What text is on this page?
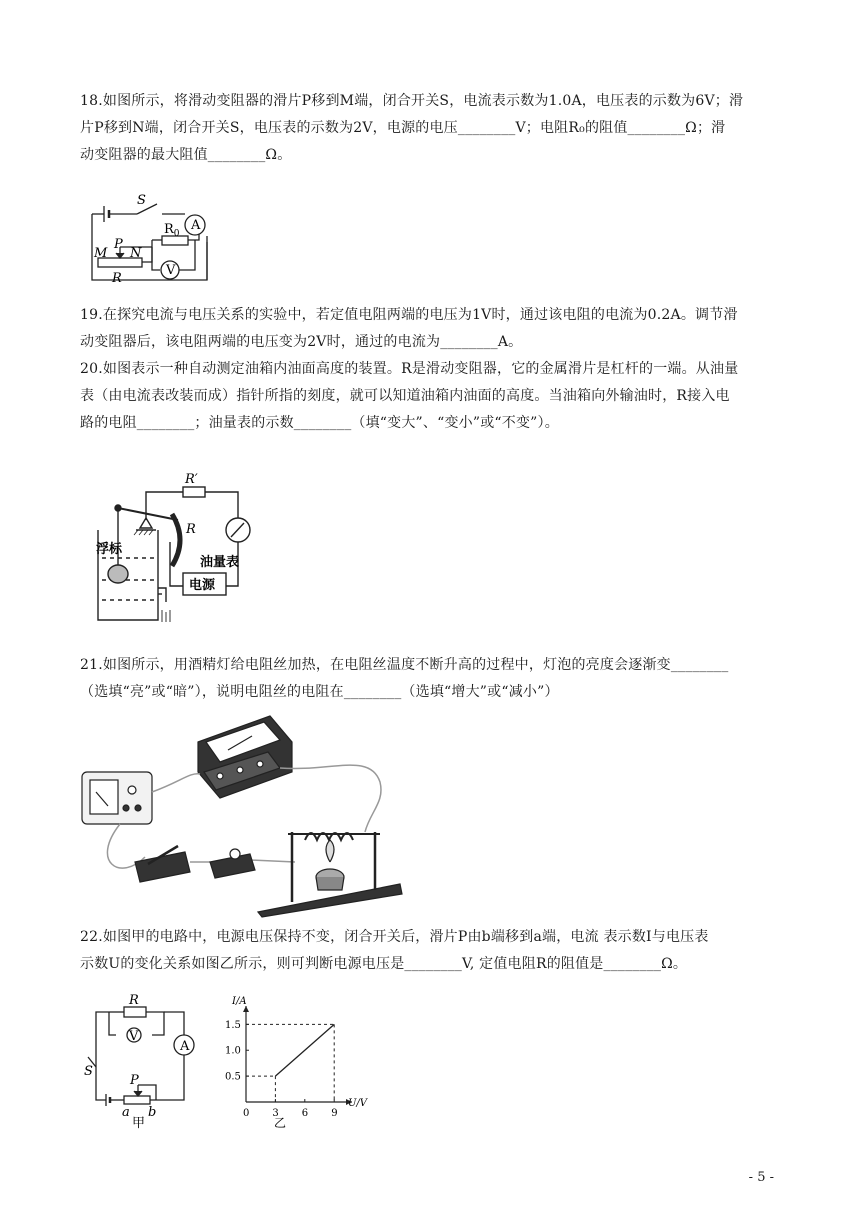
18.如图所示，将滑动变阻器的滑片P移到M端，闭合开关S，电流表示数为1.0A，电压表的示数为6V；滑

片P移到N端，闭合开关S，电压表的示数为2V，电源的电压________V；电阻R₀的阻值________Ω；滑

动变阻器的最大阻值________Ω。

S
A
V
M
P
N
R
$R_0$

19.在探究电流与电压关系的实验中，若定值电阻两端的电压为1V时，通过该电阻的电流为0.2A。调节滑

动变阻器后，该电阻两端的电压变为2V时，通过的电流为________A。

20.如图表示一种自动测定油箱内油面高度的装置。R是滑动变阻器，它的金属滑片是杠杆的一端。从油量

表（由电流表改装而成）指针所指的刻度，就可以知道油箱内油面的高度。当油箱向外输油时，R接入电

路的电阻________；油量表的示数________（填“变大”、“变小”或“不变”）。

R′
R
油量表
浮标
电源

21.如图所示，用酒精灯给电阻丝加热，在电阻丝温度不断升高的过程中，灯泡的亮度会逐渐变________

（选填“亮”或“暗”），说明电阻丝的电阻在________（选填“增大”或“减小”）

22.如图甲的电路中，电源电压保持不变，闭合开关后，滑片P由b端移到a端，电流 表示数I与电压表

示数U的变化关系如图乙所示，则可判断电源电压是________V, 定值电阻R的阻值是________Ω。

R
V
A
S
P
a b
甲
U/V
I/A
0 3 6 9
0.5
1.0
1.5
乙
- 5 -
